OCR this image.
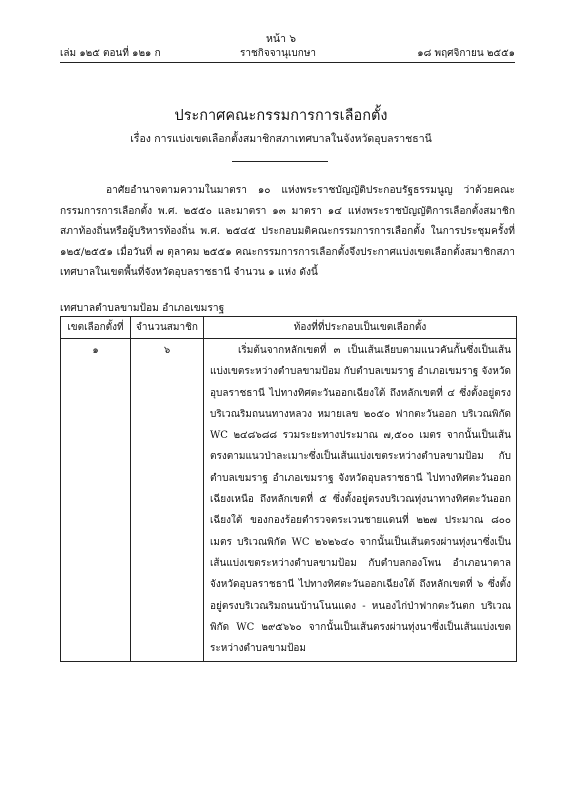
หน้า ๖
เล่ม ๑๒๕ ตอนที่ ๑๒๑ ก	ราชกิจจานุเบกษา	๑๘ พฤศจิกายน ๒๕๕๑
ประกาศคณะกรรมการการเลือกตั้ง
เรื่อง การแบ่งเขตเลือกตั้งสมาชิกสภาเทศบาลในจังหวัดอุบลราชธานี

อาศัยอำนาจตามความในมาตรา ๑๐ แห่งพระราชบัญญัติประกอบรัฐธรรมนูญ ว่าด้วยคณะกรรมการการเลือกตั้ง พ.ศ. ๒๕๕๐ และมาตรา ๑๓ มาตรา ๑๔ แห่งพระราชบัญญัติการเลือกตั้งสมาชิกสภาท้องถิ่นหรือผู้บริหารท้องถิ่น พ.ศ. ๒๕๔๕ ประกอบมติคณะกรรมการการเลือกตั้ง ในการประชุมครั้งที่ ๑๒๕/๒๕๕๑ เมื่อวันที่ ๗ ตุลาคม ๒๕๕๑ คณะกรรมการการเลือกตั้งจึงประกาศแบ่งเขตเลือกตั้งสมาชิกสภาเทศบาลในเขตพื้นที่จังหวัดอุบลราชธานี จำนวน ๑ แห่ง ดังนี้

เทศบาลตำบลขามป้อม อำเภอเขมราฐ
เขตเลือกตั้งที่	จำนวนสมาชิก	ท้องที่ที่ประกอบเป็นเขตเลือกตั้ง
๑	๖	เริ่มต้นจากหลักเขตที่ ๓ เป็นเส้นเลียบตามแนวคันกั้นซึ่งเป็นเส้นแบ่งเขตระหว่างตำบลขามป้อม กับตำบลเขมราฐ อำเภอเขมราฐ จังหวัดอุบลราชธานี ไปทางทิศตะวันออกเฉียงใต้ ถึงหลักเขตที่ ๔ ซึ่งตั้งอยู่ตรงบริเวณริมถนนทางหลวง หมายเลข ๒๐๕๐ ฟากตะวันออก บริเวณพิกัด WC ๒๔๘๖๘๘ รวมระยะทางประมาณ ๗,๕๐๐ เมตร จากนั้นเป็นเส้นตรงตามแนวป่าละเมาะซึ่งเป็นเส้นแบ่งเขตระหว่างตำบลขามป้อม กับตำบลเขมราฐ อำเภอเขมราฐ จังหวัดอุบลราชธานี ไปทางทิศตะวันออกเฉียงเหนือ ถึงหลักเขตที่ ๕ ซึ่งตั้งอยู่ตรงบริเวณทุ่งนาทางทิศตะวันออกเฉียงใต้ ของกองร้อยตำรวจตระเวนชายแดนที่ ๒๒๗ ประมาณ ๘๐๐ เมตร บริเวณพิกัด WC ๒๖๒๖๔๐ จากนั้นเป็นเส้นตรงผ่านทุ่งนาซึ่งเป็นเส้นแบ่งเขตระหว่างตำบลขามป้อม กับตำบลกองโพน อำเภอนาตาล จังหวัดอุบลราชธานี ไปทางทิศตะวันออกเฉียงใต้ ถึงหลักเขตที่ ๖ ซึ่งตั้งอยู่ตรงบริเวณริมถนนบ้านโนนแดง - หนองไก่ป่าฟากตะวันตก บริเวณพิกัด WC ๒๙๕๖๖๐ จากนั้นเป็นเส้นตรงผ่านทุ่งนาซึ่งเป็นเส้นแบ่งเขตระหว่างตำบลขามป้อม
